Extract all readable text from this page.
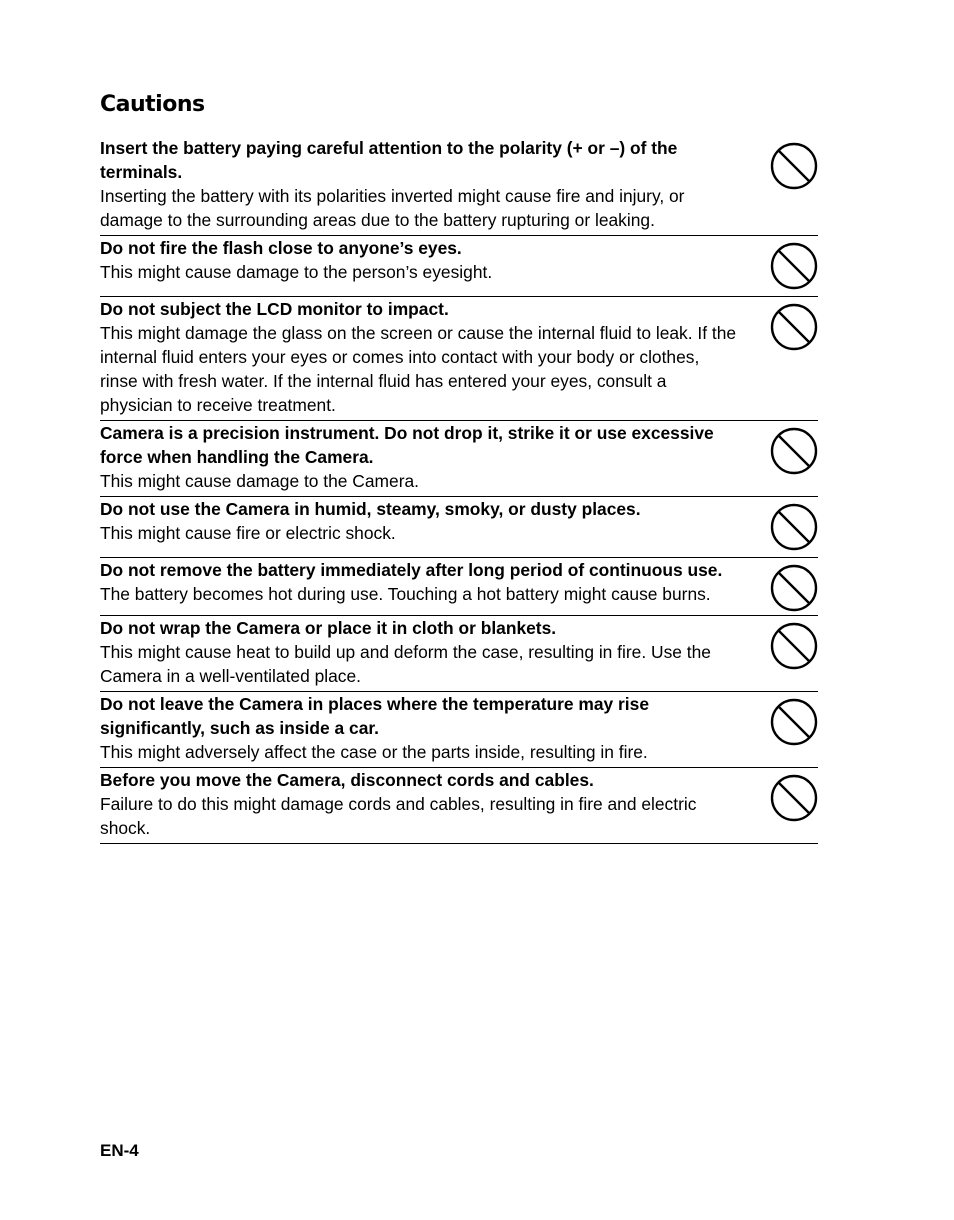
Cautions
Insert the battery paying careful attention to the polarity (+ or –) of the terminals.
Inserting the battery with its polarities inverted might cause fire and injury, or damage to the surrounding areas due to the battery rupturing or leaking.
Do not fire the flash close to anyone’s eyes.
This might cause damage to the person’s eyesight.
Do not subject the LCD monitor to impact.
This might damage the glass on the screen or cause the internal fluid to leak. If the internal fluid enters your eyes or comes into contact with your body or clothes, rinse with fresh water. If the internal fluid has entered your eyes, consult a physician to receive treatment.
Camera is a precision instrument. Do not drop it, strike it or use excessive force when handling the Camera.
This might cause damage to the Camera.
Do not use the Camera in humid, steamy, smoky, or dusty places.
This might cause fire or electric shock.
Do not remove the battery immediately after long period of continuous use.
The battery becomes hot during use. Touching a hot battery might cause burns.
Do not wrap the Camera or place it in cloth or blankets.
This might cause heat to build up and deform the case, resulting in fire. Use the Camera in a well-ventilated place.
Do not leave the Camera in places where the temperature may rise significantly, such as inside a car.
This might adversely affect the case or the parts inside, resulting in fire.
Before you move the Camera, disconnect cords and cables.
Failure to do this might damage cords and cables, resulting in fire and electric shock.

EN-4
